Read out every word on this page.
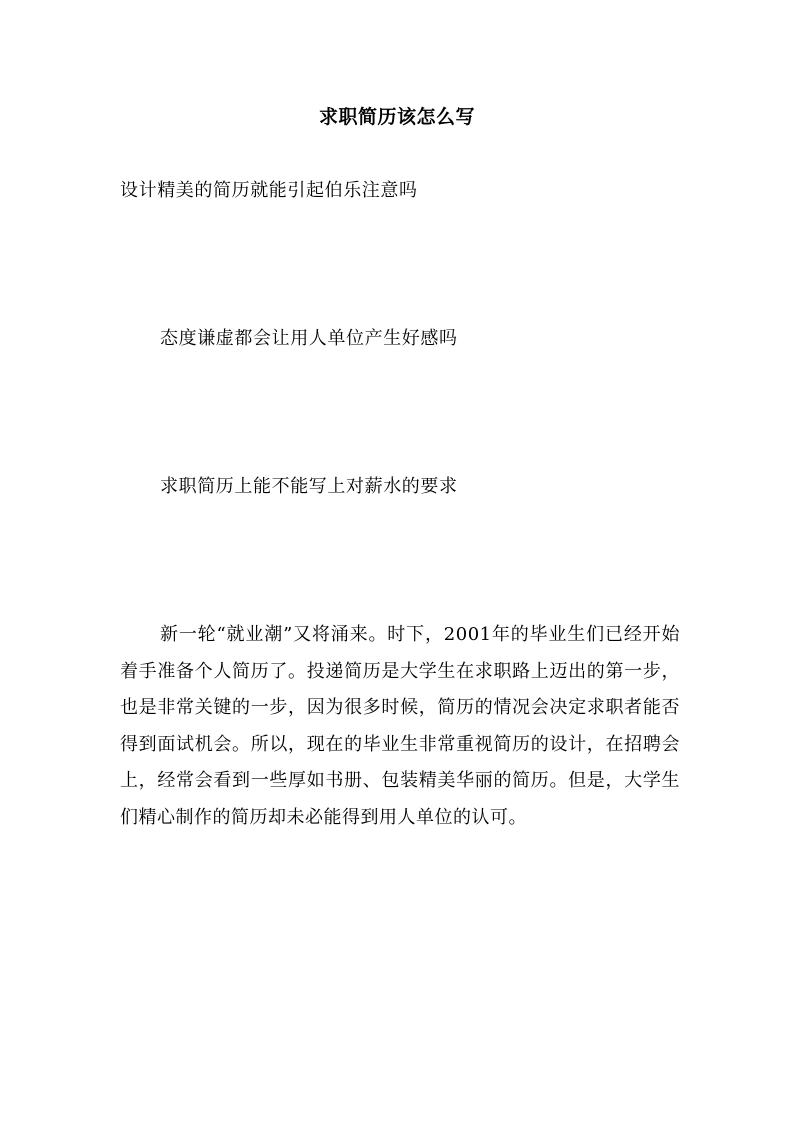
求职简历该怎么写
设计精美的简历就能引起伯乐注意吗
态度谦虚都会让用人单位产生好感吗
求职简历上能不能写上对薪水的要求

新一轮“就业潮”又将涌来。时下，2001年的毕业生们已经开始着手准备个人简历了。投递简历是大学生在求职路上迈出的第一步，也是非常关键的一步，因为很多时候，简历的情况会决定求职者能否得到面试机会。所以，现在的毕业生非常重视简历的设计，在招聘会上，经常会看到一些厚如书册、包装精美华丽的简历。但是，大学生们精心制作的简历却未必能得到用人单位的认可。
